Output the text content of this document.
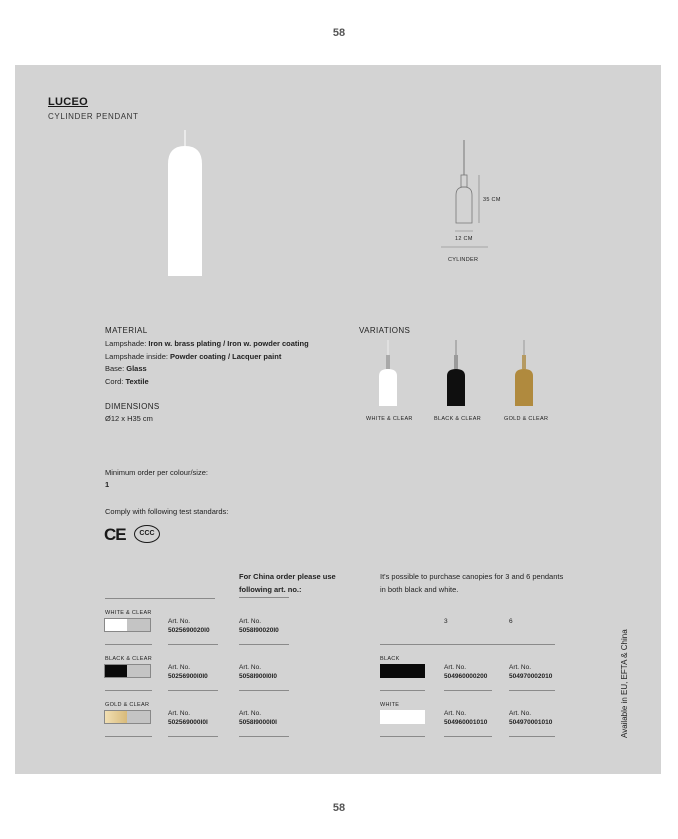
58
58
LUCEO
CYLINDER PENDANT
35 CM
12 CM
CYLINDER
MATERIAL
Lampshade: Iron w. brass plating / Iron w. powder coating
Lampshade inside: Powder coating / Lacquer paint
Base: Glass
Cord: Textile
DIMENSIONS
Ø12 x H35 cm
VARIATIONS
WHITE & CLEAR	BLACK & CLEAR	GOLD & CLEAR
Minimum order per colour/size:
1
Comply with following test standards:
CE	CCC
For China order please use following art. no.:
It's possible to purchase canopies for 3 and 6 pendants in both black and white.
WHITE & CLEAR
Art. No.
5025690020I0
Art. No.
5058I90020I0
BLACK & CLEAR
Art. No.
50256900I0I0
Art. No.
5058I900I0I0
GOLD & CLEAR
Art. No.
502569000I0I
Art. No.
5058I9000I0I
3	6
BLACK
Art. No.
504960000200
Art. No.
504970002010
WHITE
Art. No.
504960001010
Art. No.
504970001010	Available in EU, EFTA & China
